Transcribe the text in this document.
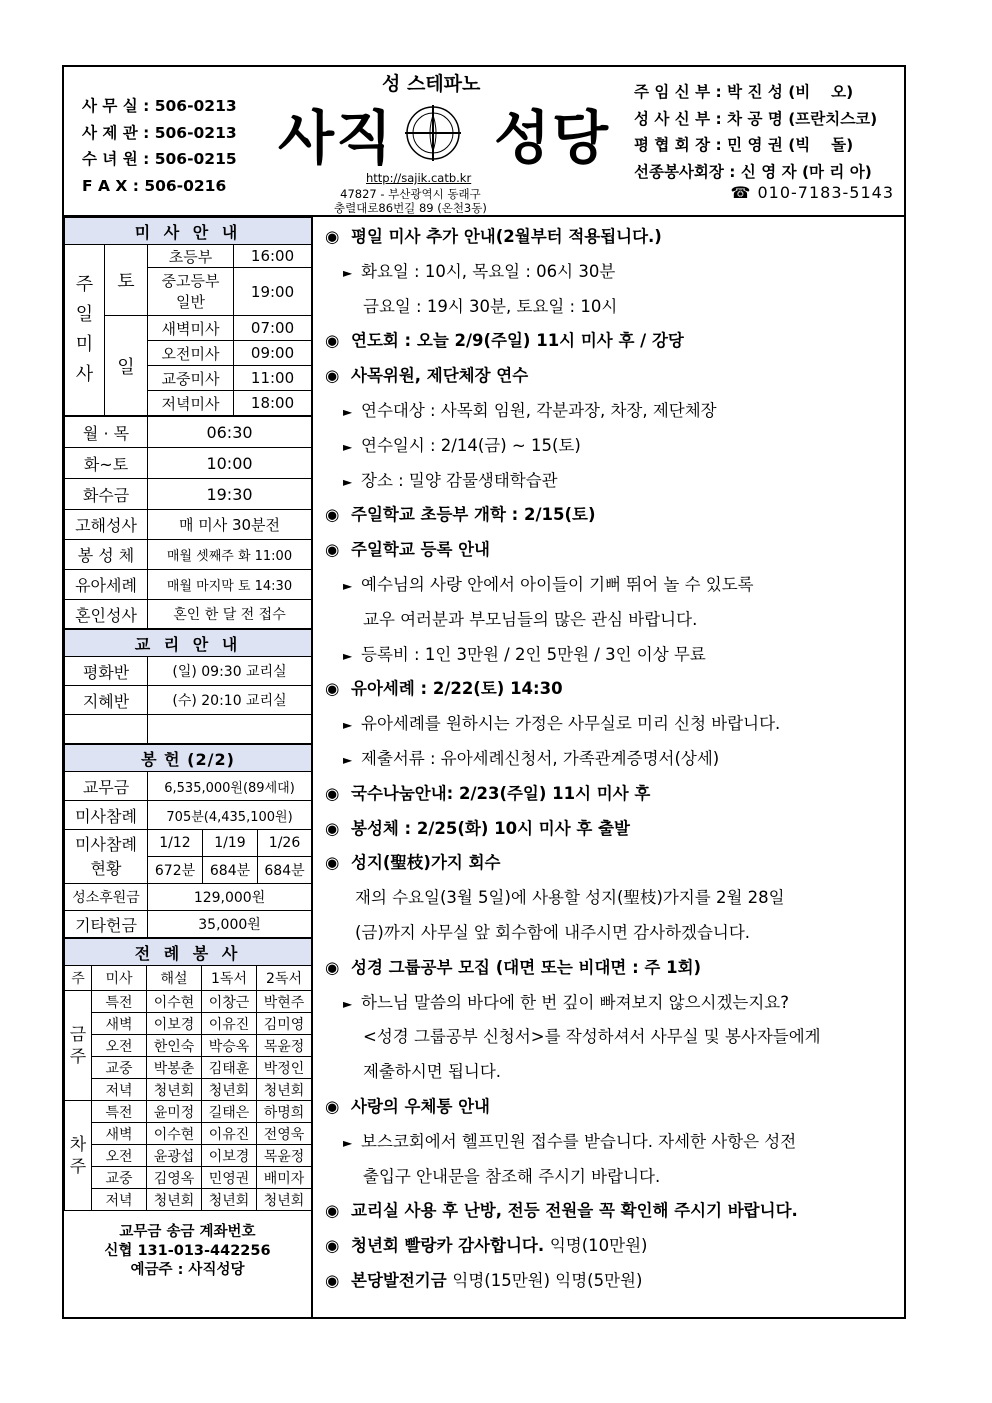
사 무 실 : 506-0213
사 제 관 : 506-0213
수 녀 원 : 506-0215
F A X : 506-0216
성 스테파노
사직 성당
http://sajik.catb.kr
47827 - 부산광역시 동래구
충렬대로86번길 89 (온천3동)
주 임 신 부 : 박 진 성 (비　 오)
성 사 신 부 : 차 공 명 (프란치스코)
평 협 회 장 : 민 영 권 (빅　 돌)
선종봉사회장 : 신 영 자 (마 리 아)
☎ 010-7183-5143
미 사 안 내			
주 일 미 사	토	초등부	16:00
		중고등부 일반	19:00
	일	새벽미사	07:00
		오전미사	09:00
		교중미사	11:00
		저녁미사	18:00
월 · 목	06:30
화~토	10:00
화수금	19:30
고해성사	매 미사 30분전
봉 성 체	매월 셋째주 화 11:00
유아세례	매월 마지막 토 14:30
혼인성사	혼인 한 달 전 접수
교 리 안 내	
평화반	(일) 09:30 교리실
지혜반	(수) 20:10 교리실

봉 헌 (2/2)			
교무금	6,535,000원(89세대)		
미사참례	705분(4,435,100원)		
미사참례 현황	1/12	1/19	1/26
	672분	684분	684분
성소후원금	129,000원		
기타헌금	35,000원		
전 례 봉 사				
주	미사	해설	1독서	2독서
금 주	특전	이수현	이창근	박현주
	새벽	이보경	이유진	김미영
	오전	한인숙	박승옥	목윤정
	교중	박봉춘	김태훈	박정인
	저녁	청년회	청년회	청년회
차 주	특전	윤미정	길태은	하명희
	새벽	이수현	이유진	전영욱
	오전	윤광섭	이보경	목윤정
	교중	김영옥	민영권	배미자
	저녁	청년회	청년회	청년회
교무금 송금 계좌번호
신협 131-013-442256
예금주 : 사직성당
◉ 평일 미사 추가 안내(2월부터 적용됩니다.)
► 화요일 : 10시, 목요일 : 06시 30분
금요일 : 19시 30분, 토요일 : 10시
◉ 연도회 : 오늘 2/9(주일) 11시 미사 후 / 강당
◉ 사목위원, 제단체장 연수
► 연수대상 : 사목회 임원, 각분과장, 차장, 제단체장
► 연수일시 : 2/14(금) ~ 15(토)
► 장소 : 밀양 감물생태학습관
◉ 주일학교 초등부 개학 : 2/15(토)
◉ 주일학교 등록 안내
► 예수님의 사랑 안에서 아이들이 기뻐 뛰어 놀 수 있도록
교우 여러분과 부모님들의 많은 관심 바랍니다.
► 등록비 : 1인 3만원 / 2인 5만원 / 3인 이상 무료
◉ 유아세례 : 2/22(토) 14:30
► 유아세례를 원하시는 가정은 사무실로 미리 신청 바랍니다.
► 제출서류 : 유아세례신청서, 가족관계증명서(상세)
◉ 국수나눔안내: 2/23(주일) 11시 미사 후
◉ 봉성체 : 2/25(화) 10시 미사 후 출발
◉ 성지(聖枝)가지 회수
재의 수요일(3월 5일)에 사용할 성지(聖枝)가지를 2월 28일
(금)까지 사무실 앞 회수함에 내주시면 감사하겠습니다.
◉ 성경 그룹공부 모집 (대면 또는 비대면 : 주 1회)
► 하느님 말씀의 바다에 한 번 깊이 빠져보지 않으시겠는지요?
<성경 그룹공부 신청서>를 작성하셔서 사무실 및 봉사자들에게
제출하시면 됩니다.
◉ 사랑의 우체통 안내
► 보스코회에서 헬프민원 접수를 받습니다. 자세한 사항은 성전
출입구 안내문을 참조해 주시기 바랍니다.
◉ 교리실 사용 후 난방, 전등 전원을 꼭 확인해 주시기 바랍니다.
◉ 청년회 빨랑카 감사합니다. 익명(10만원)
◉ 본당발전기금 익명(15만원) 익명(5만원)
